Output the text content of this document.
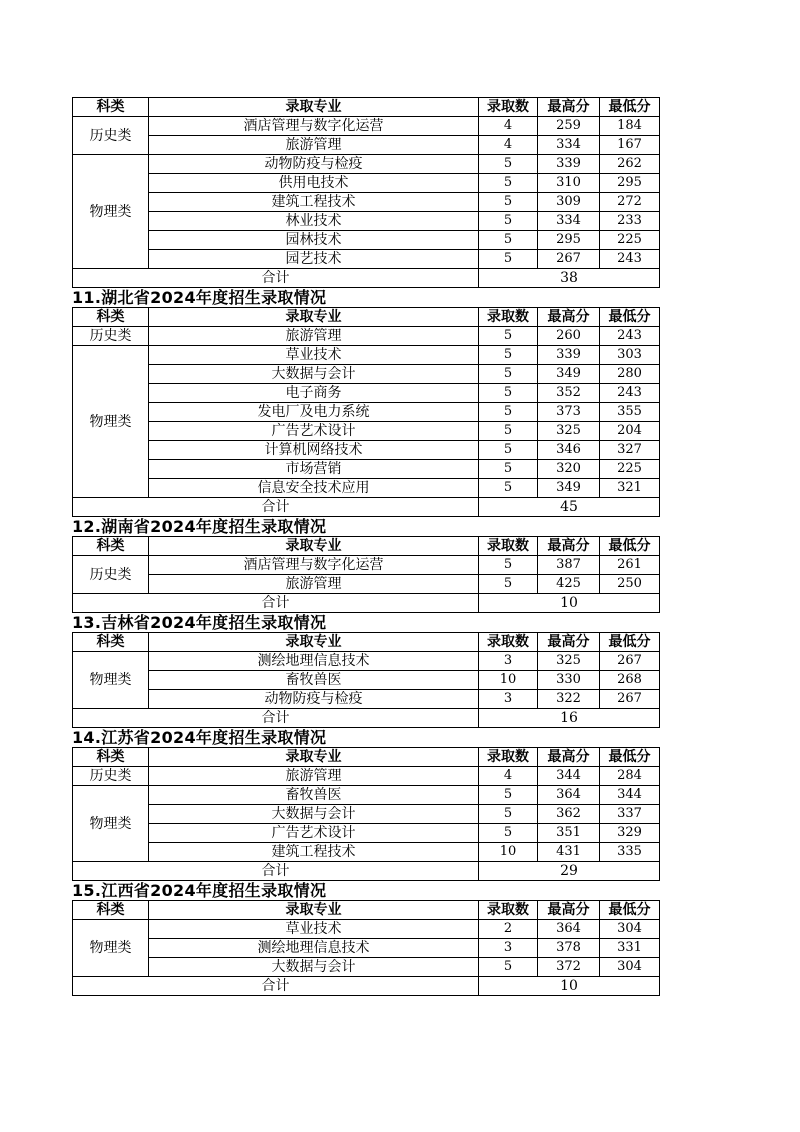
科类	录取专业	录取数	最高分	最低分
历史类	酒店管理与数字化运营	4	259	184
	旅游管理	4	334	167
物理类	动物防疫与检疫	5	339	262
	供用电技术	5	310	295
	建筑工程技术	5	309	272
	林业技术	5	334	233
	园林技术	5	295	225
	园艺技术	5	267	243
合计		38		
11.湖北省2024年度招生录取情况
科类	录取专业	录取数	最高分	最低分
历史类	旅游管理	5	260	243
物理类	草业技术	5	339	303
	大数据与会计	5	349	280
	电子商务	5	352	243
	发电厂及电力系统	5	373	355
	广告艺术设计	5	325	204
	计算机网络技术	5	346	327
	市场营销	5	320	225
	信息安全技术应用	5	349	321
合计		45		
12.湖南省2024年度招生录取情况
科类	录取专业	录取数	最高分	最低分
历史类	酒店管理与数字化运营	5	387	261
	旅游管理	5	425	250
合计		10		
13.吉林省2024年度招生录取情况
科类	录取专业	录取数	最高分	最低分
物理类	测绘地理信息技术	3	325	267
	畜牧兽医	10	330	268
	动物防疫与检疫	3	322	267
合计		16		
14.江苏省2024年度招生录取情况
科类	录取专业	录取数	最高分	最低分
历史类	旅游管理	4	344	284
物理类	畜牧兽医	5	364	344
	大数据与会计	5	362	337
	广告艺术设计	5	351	329
	建筑工程技术	10	431	335
合计		29		
15.江西省2024年度招生录取情况
科类	录取专业	录取数	最高分	最低分
物理类	草业技术	2	364	304
	测绘地理信息技术	3	378	331
	大数据与会计	5	372	304
合计		10		
